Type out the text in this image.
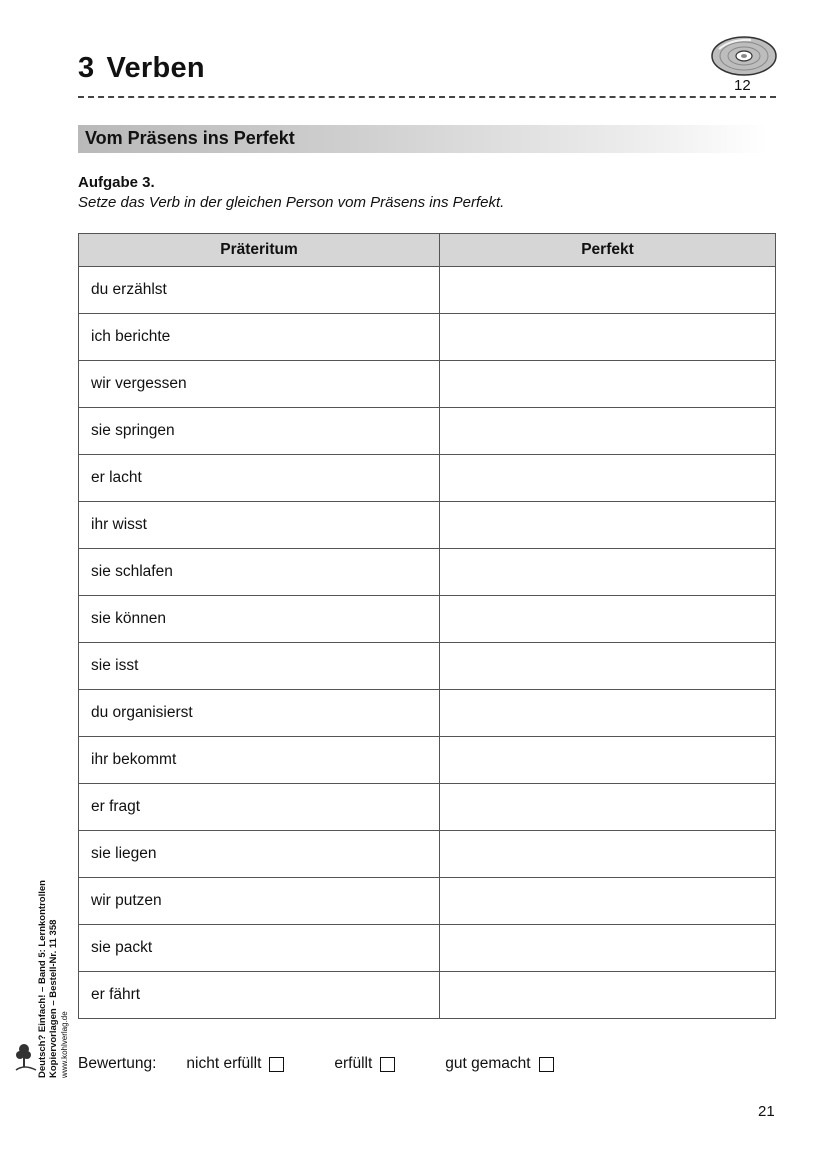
3 Verben
12
Vom Präsens ins Perfekt
Aufgabe 3.
Setze das Verb in der gleichen Person vom Präsens ins Perfekt.
Präteritum	Perfekt
du erzählst	
ich berichte	
wir vergessen	
sie springen	
er lacht	
ihr wisst	
sie schlafen	
sie können	
sie isst	
du organisierst	
ihr bekommt	
er fragt	
sie liegen	
wir putzen	
sie packt	
er fährt	
Bewertung: nicht erfüllt	erfüllt	gut gemacht
21
Deutsch? Einfach! – Band 5: Lernkontrollen Kopiervorlagen – Bestell-Nr. 11 358 www.kohlverlag.de
